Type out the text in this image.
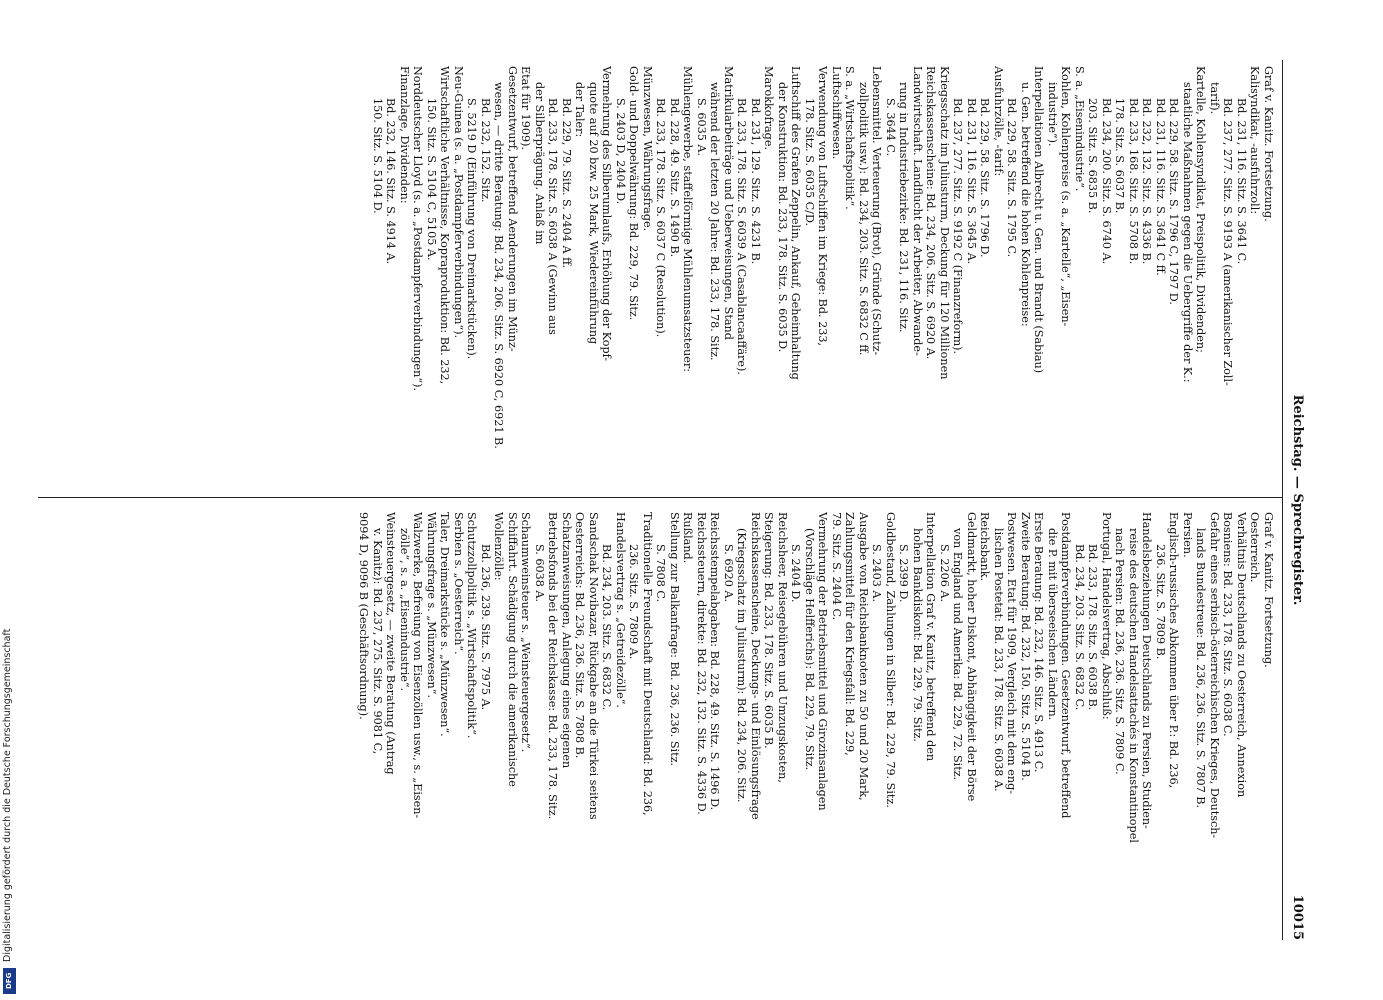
Reichstag. — Sprechregister.
10015
Graf v. Kanitz. Fortsetzung.
Kalisyndikat, -ausfuhrzoll:
Bd. 231, 116. Sitz. S. 3641 C.
Bd. 237, 277. Sitz. S. 9193 A (amerikanischer Zoll-
tarif).
Kartelle, Kohlensyndikat, Preispolitik, Dividenden;
staatliche Maßnahmen gegen die Uebergriffe der K.:
Bd. 229, 58. Sitz. S. 1796 C, 1797 D.
Bd. 231, 116. Sitz. S. 3641 C ff.
Bd. 232, 132. Sitz. S. 4336 B.
Bd. 233, 168. Sitz. S. 5708 B.
178. Sitz. S. 6037 B.
Bd. 234, 200. Sitz. S. 6740 A.
203. Sitz. S. 6835 B.
S. a. „Eisenindustrie“.
Kohlen, Kohlenpreise (s. a. „Kartelle“, „Eisen-
industrie“).
Interpellationen Albrecht u. Gen. und Brandt (Sabiau)
u. Gen. betreffend die hohen Kohlenpreise:
Bd. 229, 58. Sitz. S. 1795 C.
Ausfuhrzölle, -tarif:
Bd. 229, 58. Sitz. S. 1796 D.
Bd. 231, 116. Sitz. S. 3645 A.
Bd. 237, 277. Sitz. S. 9192 C (Finanzreform).
Kriegsschatz im Juliusturm, Deckung für 120 Millionen
Reichskassenscheine: Bd. 234, 206. Sitz. S. 6920 A.
Landwirtschaft. Landflucht der Arbeiter, Abwande-
rung in Industriebezirke: Bd. 231, 116. Sitz.
S. 3644 C.
Lebensmittel. Verteuerung (Brot), Gründe (Schutz-
zollpolitik usw.): Bd. 234, 203. Sitz. S. 6832 C ff.
S. a. „Wirtschaftspolitik“.
Luftschiffwesen.
Verwendung von Luftschiffen im Kriege: Bd. 233,
178. Sitz. S. 6035 C/D.
Luftschiff des Grafen Zeppelin, Ankauf, Geheimhaltung
der Konstruktion: Bd. 233, 178. Sitz. S. 6035 D.
Marokkofrage.
Bd. 231, 129. Sitz. S. 4231 B.
Bd. 233, 178. Sitz. S. 6039 A (Casablancaaffäre).
Matrikularbeiträge und Ueberweisungen, Stand
während der letzten 20 Jahre: Bd. 233, 178. Sitz.
S. 6035 A.
Mühlengewerbe, staffelförmige Mühlenumsatzsteuer:
Bd. 228, 49. Sitz. S. 1490 B.
Bd. 233, 178. Sitz. S. 6037 C (Resolution).
Münzwesen, Währungsfrage.
Gold- und Doppelwährung: Bd. 229, 79. Sitz.
S. 2403 D, 2404 D.
Vermehrung des Silberumlaufs, Erhöhung der Kopf-
quote auf 20 bzw. 25 Mark, Wiedereinführung
der Taler:
Bd. 229, 79. Sitz. S. 2404 A ff.
Bd. 233, 178. Sitz. S. 6038 A (Gewinn aus
der Silberprägung. Anlaß im
Etat für 1909).
Gesetzentwurf, betreffend Aenderungen im Münz-
wesen, — dritte Beratung: Bd. 234, 206. Sitz. S. 6920 C, 6921 B.
Bd. 232, 152. Sitz.
S. 5219 D (Einführung von Dreimarkstücken).
Neu-Guinea (s. a. „Postdampferverbindungen“).
Wirtschaftliche Verhältnisse, Kopraproduktion: Bd. 232,
150. Sitz. S. 5104 C, 5105 A.
Norddeutscher Lloyd (s. a. „Postdampferverbindungen“).
Finanzlage, Dividenden:
Bd. 232, 146. Sitz. S. 4914 A.
150. Sitz. S. 5104 D.
Graf v. Kanitz. Fortsetzung.
Oesterreich.
Verhältnis Deutschlands zu Oesterreich, Annexion
Bosniens: Bd. 233, 178. Sitz. S. 6038 C.
Gefahr eines serbisch-österreichischen Krieges, Deutsch-
lands Bundestreue: Bd. 236, 236. Sitz. S. 7807 B.
Persien.
Englisch-russisches Abkommen über P.: Bd. 236,
236. Sitz. S. 7809 B.
Handelsbeziehungen Deutschlands zu Persien, Studien-
reise des deutschen Handelsattachés in Konstantinopel
nach Persien: Bd. 236, 236. Sitz. S. 7809 C.
Portugal, Handelsvertrag, Abschluß:
Bd. 233, 178. Sitz. S. 6038 B.
Bd. 234, 203. Sitz. S. 6832 C.
Postdampferverbindungen. Gesetzentwurf, betreffend
die P. mit überseeischen Ländern.
Erste Beratung: Bd. 232, 146. Sitz. S. 4913 C.
Zweite Beratung: Bd. 232, 150. Sitz. S. 5104 B.
Postwesen. Etat für 1909, Vergleich mit dem eng-
lischen Postetat: Bd. 233, 178. Sitz. S. 6038 A.
Reichsbank.
Geldmarkt, hoher Diskont, Abhängigkeit der Börse
von England und Amerika: Bd. 229, 72. Sitz.
S. 2206 A.
Interpellation Graf v. Kanitz, betreffend den
hohen Bankdiskont: Bd. 229, 79. Sitz.
S. 2399 D.
Goldbestand, Zahlungen in Silber: Bd. 229, 79. Sitz.
S. 2403 A.
Ausgabe von Reichsbanknoten zu 50 und 20 Mark,
Zahlungsmittel für den Kriegsfall: Bd. 229,
79. Sitz. S. 2404 C.
Vermehrung der Betriebsmittel und Girozinsanlagen
(Vorschläge Helfferichs): Bd. 229, 79. Sitz.
S. 2404 D.
Reichsheer, Reisegebühren und Umzugskosten,
Steigerung: Bd. 233, 178. Sitz. S. 6035 B.
Reichskassenscheine, Deckungs- und Einlösungsfrage
(Kriegsschatz im Juliusturm): Bd. 234, 206. Sitz.
S. 6920 A.
Reichsstempelabgaben: Bd. 228, 49. Sitz. S. 1496 D.
Reichssteuern, direkte: Bd. 232, 132. Sitz. S. 4336 D.
Rußland.
Stellung zur Balkanfrage: Bd. 236, 236. Sitz.
S. 7808 C.
Traditionelle Freundschaft mit Deutschland: Bd. 236,
236. Sitz. S. 7809 A.
Handelsvertrag s. „Getreidezölle“.
Bd. 234, 203. Sitz. S. 6832 C.
Sandschak Novibazar, Rückgabe an die Türkei seitens
Oesterreichs: Bd. 236, 236. Sitz. S. 7808 B.
Schatzanweisungen, Anlegung eines eigenen
Betriebsfonds bei der Reichskasse: Bd. 233, 178. Sitz.
S. 6038 A.
Schaumweinsteuer s. „Weinsteuergesetz“.
Schiffahrt. Schädigung durch die amerikanische
Wollenzölle:
Bd. 236, 239. Sitz. S. 7975 A.
Schutzzollpolitik s. „Wirtschaftspolitik“.
Serbien s. „Oesterreich“.
Taler, Dreimarkstücke s. „Münzwesen“.
Währungsfrage s. „Münzwesen“.
Walzwerke, Befreiung von Eisenzöllen usw., s. „Eisen-
zölle“, s. a. „Eisenindustrie“.
Weinsteuergesetz, — zweite Beratung (Antrag
v. Kanitz): Bd. 237, 275. Sitz. S. 9081 C,
9094 D, 9096 B (Geschäftsordnung).
DFG
Digitalisierung gefördert durch die Deutsche Forschungsgemeinschaft
